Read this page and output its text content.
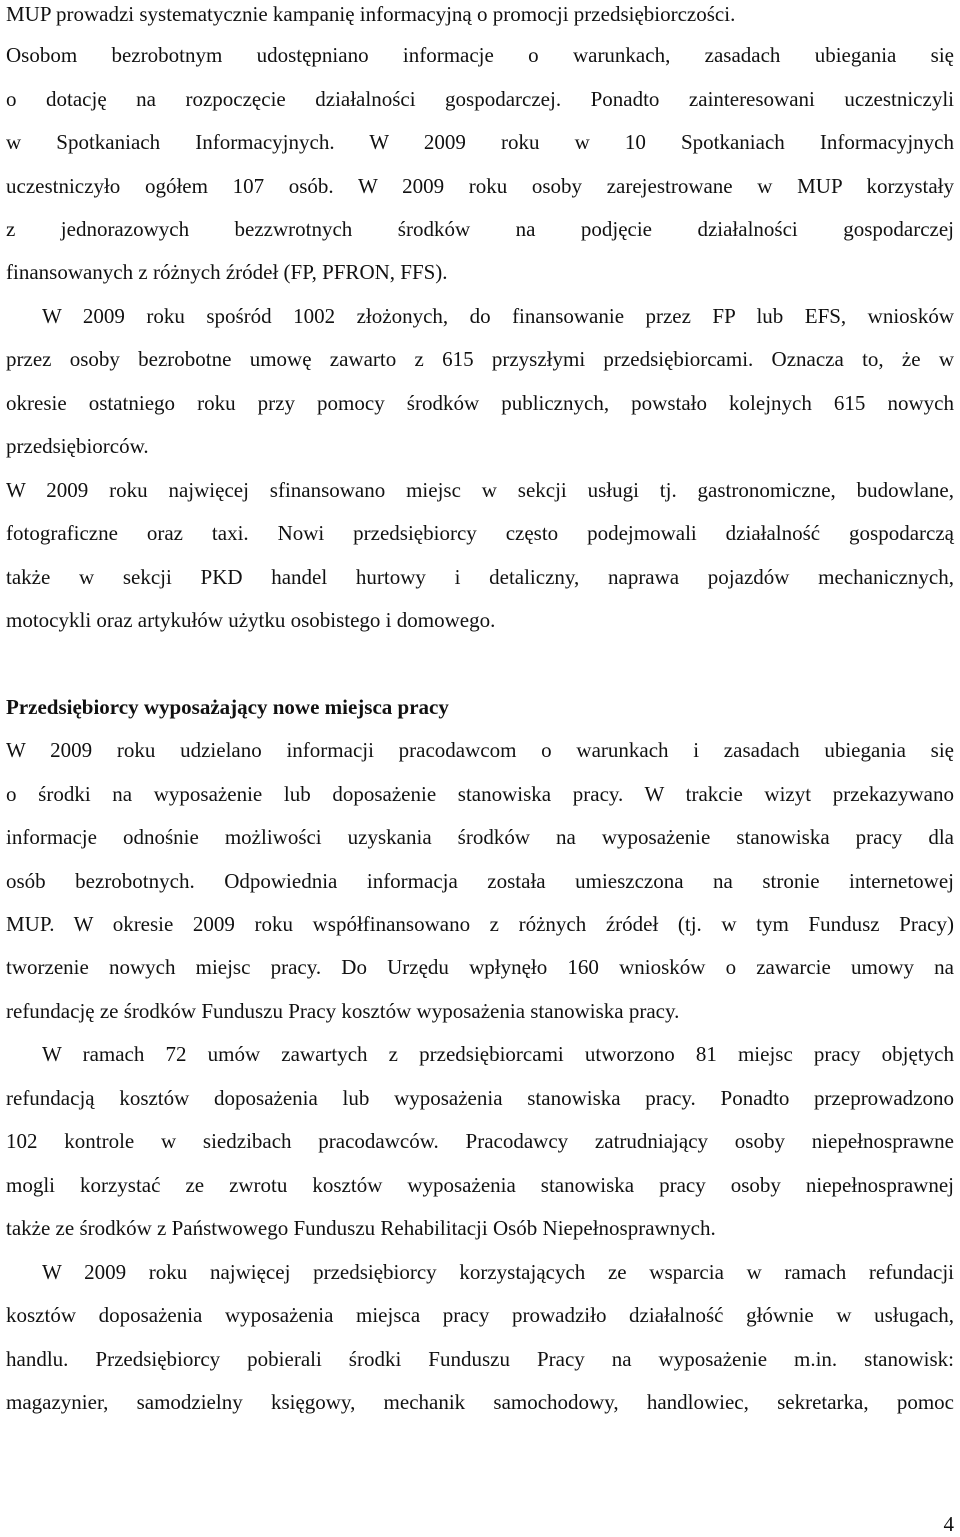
MUP prowadzi systematycznie kampanię informacyjną o promocji przedsiębiorczości.
Osobom bezrobotnym udostępniano informacje o warunkach, zasadach ubiegania się
o dotację na rozpoczęcie działalności gospodarczej. Ponadto zainteresowani uczestniczyli
w Spotkaniach Informacyjnych. W 2009 roku w 10 Spotkaniach Informacyjnych
uczestniczyło ogółem 107 osób. W 2009 roku osoby zarejestrowane w MUP korzystały
z jednorazowych bezzwrotnych środków na podjęcie działalności gospodarczej
finansowanych z różnych źródeł (FP, PFRON, FFS).
W 2009 roku spośród 1002 złożonych, do finansowanie przez FP lub EFS, wniosków
przez osoby bezrobotne umowę zawarto z 615 przyszłymi przedsiębiorcami. Oznacza to, że w
okresie ostatniego roku przy pomocy środków publicznych, powstało kolejnych 615 nowych
przedsiębiorców.
W 2009 roku najwięcej sfinansowano miejsc w sekcji usługi tj. gastronomiczne, budowlane,
fotograficzne oraz taxi. Nowi przedsiębiorcy często podejmowali działalność gospodarczą
także w sekcji PKD handel hurtowy i detaliczny, naprawa pojazdów mechanicznych,
motocykli oraz artykułów użytku osobistego i domowego.
Przedsiębiorcy wyposażający nowe miejsca pracy
W 2009 roku udzielano informacji pracodawcom o warunkach i zasadach ubiegania się
o środki na wyposażenie lub doposażenie stanowiska pracy. W trakcie wizyt przekazywano
informacje odnośnie możliwości uzyskania środków na wyposażenie stanowiska pracy dla
osób bezrobotnych. Odpowiednia informacja została umieszczona na stronie internetowej
MUP. W okresie 2009 roku współfinansowano z różnych źródeł (tj. w tym Fundusz Pracy)
tworzenie nowych miejsc pracy. Do Urzędu wpłynęło 160 wniosków o zawarcie umowy na
refundację ze środków Funduszu Pracy kosztów wyposażenia stanowiska pracy.
W ramach 72 umów zawartych z przedsiębiorcami utworzono 81 miejsc pracy objętych
refundacją kosztów doposażenia lub wyposażenia stanowiska pracy. Ponadto przeprowadzono
102 kontrole w siedzibach pracodawców. Pracodawcy zatrudniający osoby niepełnosprawne
mogli korzystać ze zwrotu kosztów wyposażenia stanowiska pracy osoby niepełnosprawnej
także ze środków z Państwowego Funduszu Rehabilitacji Osób Niepełnosprawnych.
W 2009 roku najwięcej przedsiębiorcy korzystających ze wsparcia w ramach refundacji
kosztów doposażenia wyposażenia miejsca pracy prowadziło działalność głównie w usługach,
handlu. Przedsiębiorcy pobierali środki Funduszu Pracy na wyposażenie m.in. stanowisk:
magazynier, samodzielny księgowy, mechanik samochodowy, handlowiec, sekretarka, pomoc
4
